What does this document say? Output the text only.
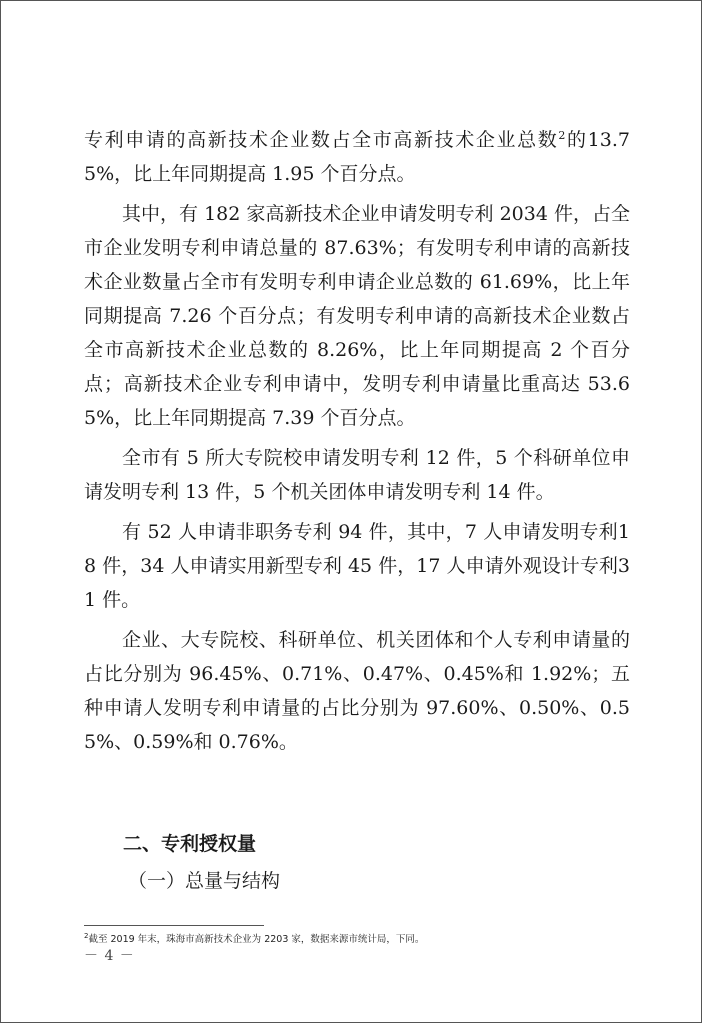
专利申请的高新技术企业数占全市高新技术企业总数$^2$的13.75%，比上年同期提高 1.95 个百分点。

其中，有 182 家高新技术企业申请发明专利 2034 件，占全市企业发明专利申请总量的 87.63%；有发明专利申请的高新技术企业数量占全市有发明专利申请企业总数的 61.69%，比上年同期提高 7.26 个百分点；有发明专利申请的高新技术企业数占全市高新技术企业总数的 8.26%，比上年同期提高 2 个百分点；高新技术企业专利申请中，发明专利申请量比重高达 53.65%，比上年同期提高 7.39 个百分点。

全市有 5 所大专院校申请发明专利 12 件，5 个科研单位申请发明专利 13 件，5 个机关团体申请发明专利 14 件。

有 52 人申请非职务专利 94 件，其中，7 人申请发明专利18 件，34 人申请实用新型专利 45 件，17 人申请外观设计专利31 件。

企业、大专院校、科研单位、机关团体和个人专利申请量的占比分别为 96.45%、0.71%、0.47%、0.45%和 1.92%；五种申请人发明专利申请量的占比分别为 97.60%、0.50%、0.55%、0.59%和 0.76%。

二、专利授权量
（一）总量与结构
$^2$截至 2019 年末，珠海市高新技术企业为 2203 家，数据来源市统计局，下同。
－ 4 －
